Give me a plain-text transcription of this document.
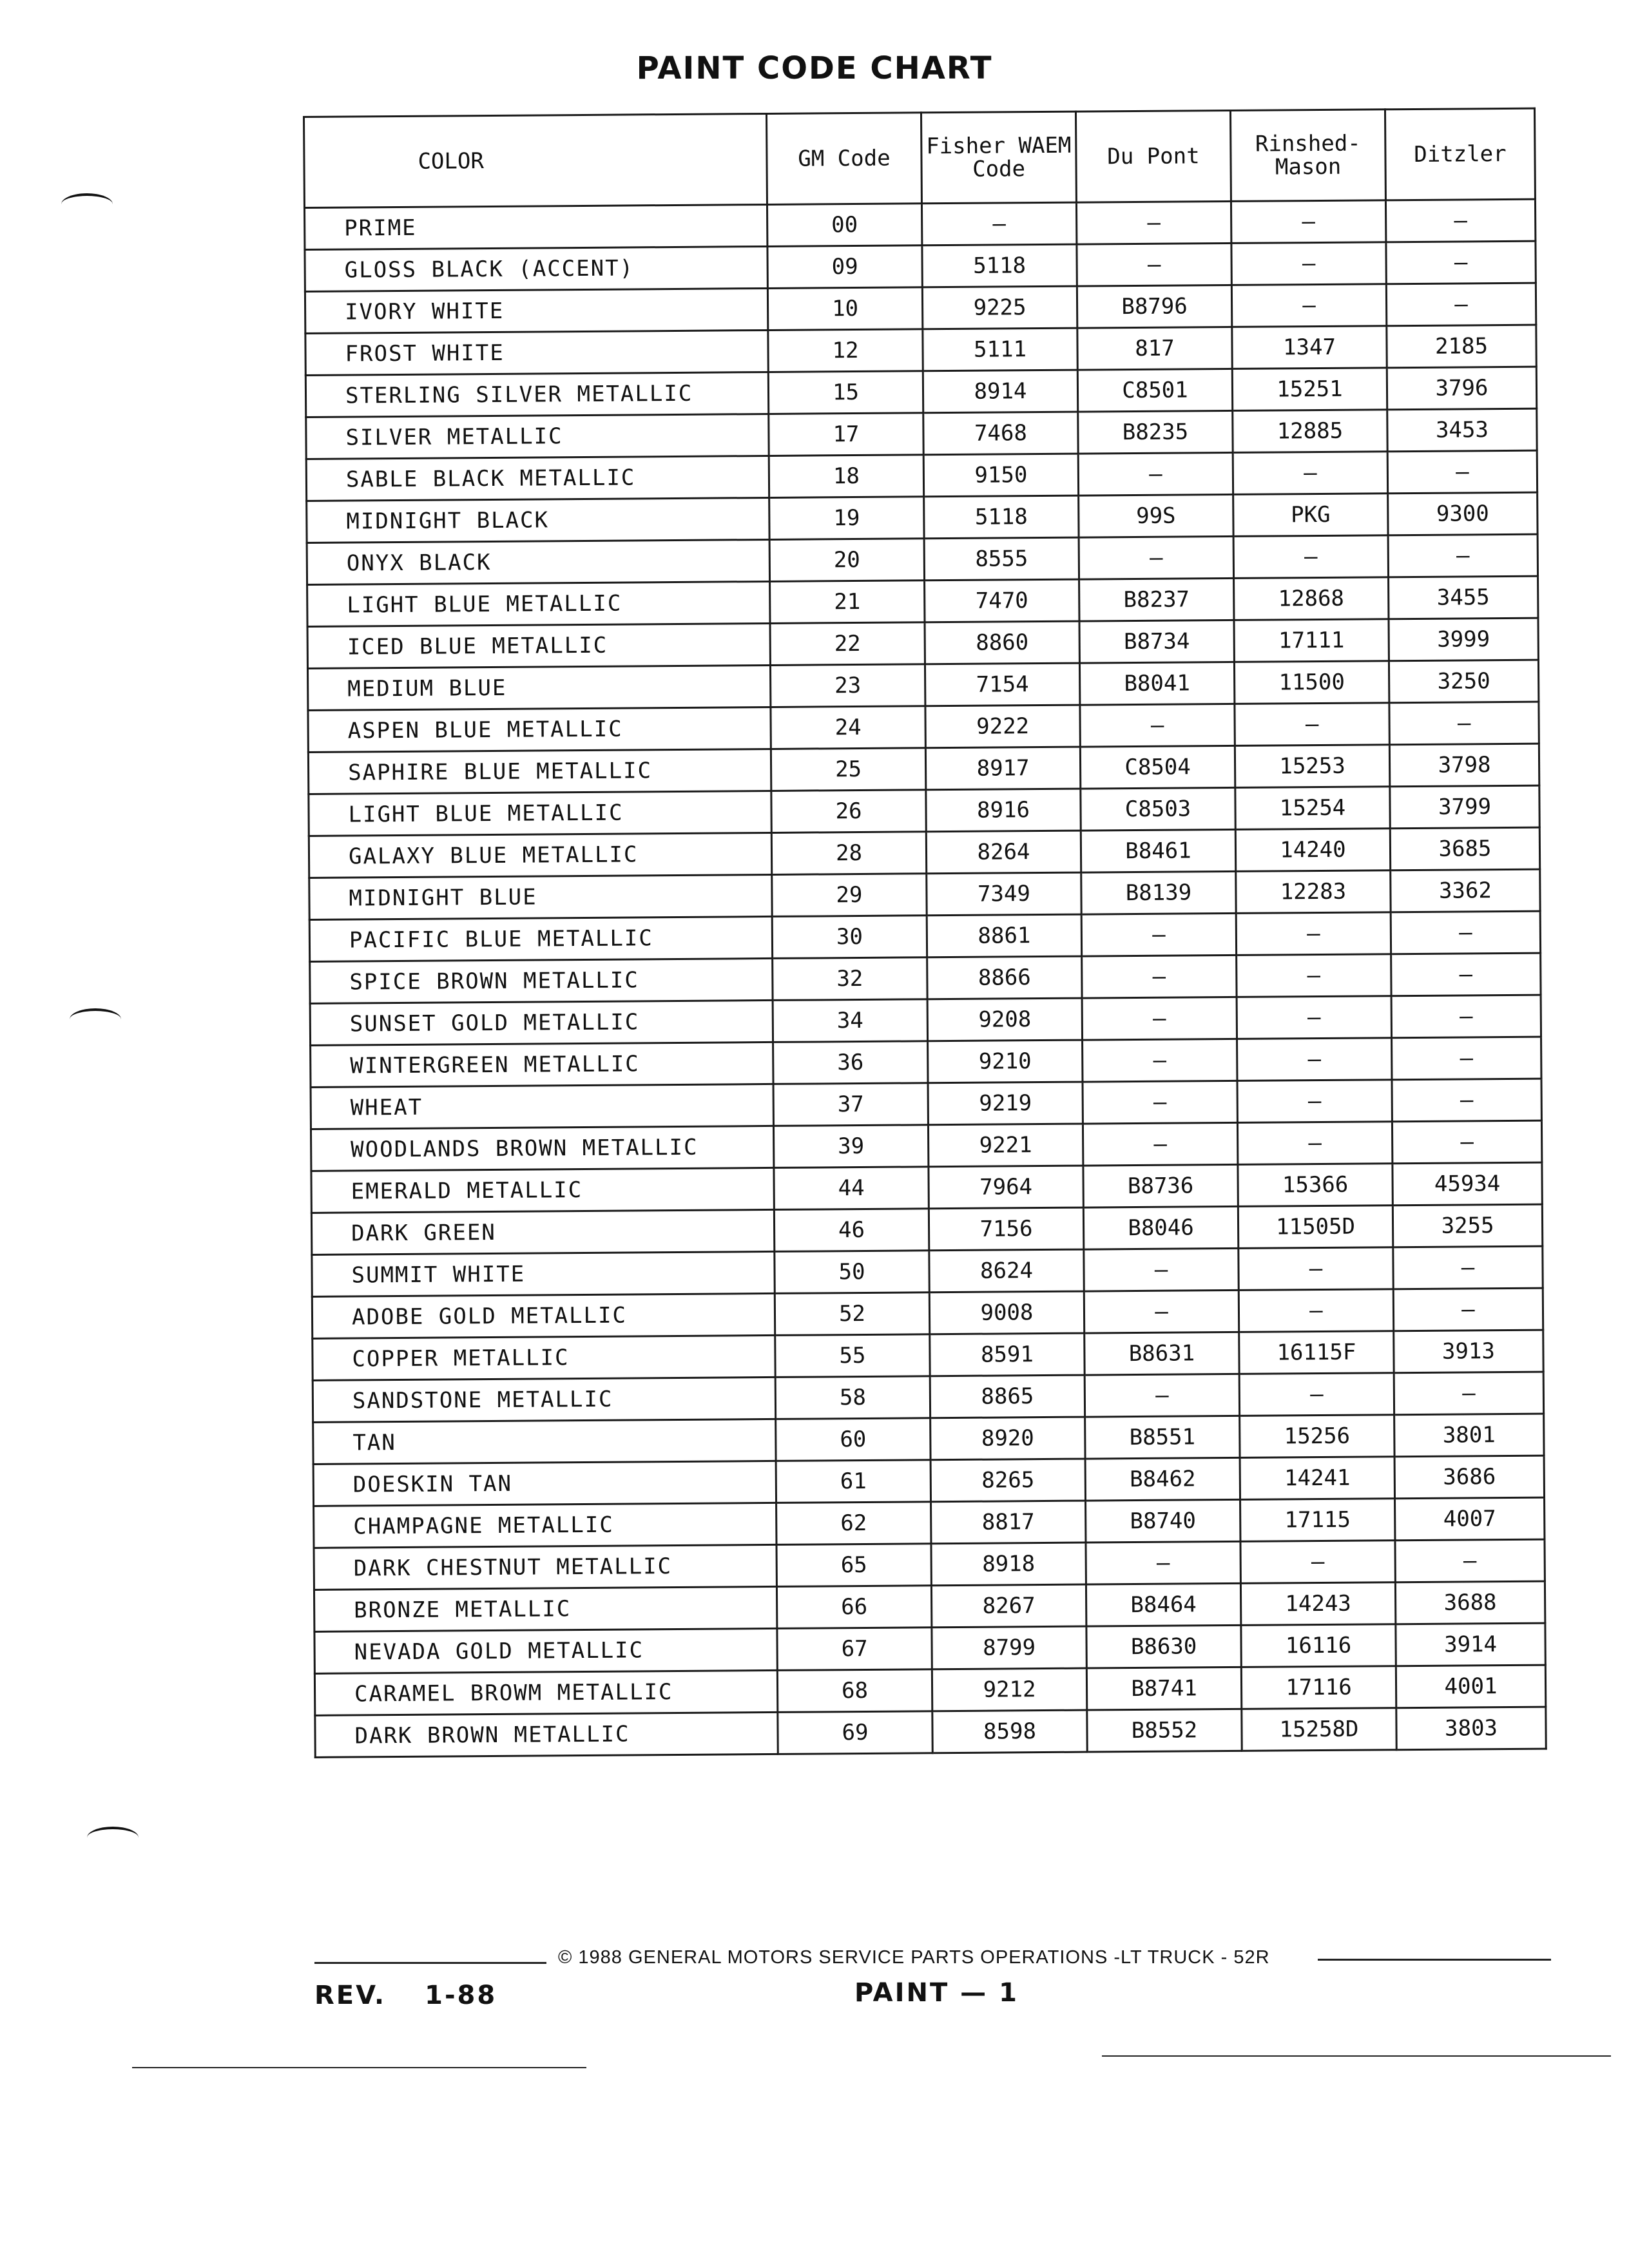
PAINT CODE CHART
COLOR	GM Code	Fisher WAEM Code	Du Pont	Rinshed- Mason	Ditzler
PRIME	00	–	–	–	–
GLOSS BLACK (ACCENT)	09	5118	–	–	–
IVORY WHITE	10	9225	B8796	–	–
FROST WHITE	12	5111	817	1347	2185
STERLING SILVER METALLIC	15	8914	C8501	15251	3796
SILVER METALLIC	17	7468	B8235	12885	3453
SABLE BLACK METALLIC	18	9150	–	–	–
MIDNIGHT BLACK	19	5118	99S	PKG	9300
ONYX BLACK	20	8555	–	–	–
LIGHT BLUE METALLIC	21	7470	B8237	12868	3455
ICED BLUE METALLIC	22	8860	B8734	17111	3999
MEDIUM BLUE	23	7154	B8041	11500	3250
ASPEN BLUE METALLIC	24	9222	–	–	–
SAPHIRE BLUE METALLIC	25	8917	C8504	15253	3798
LIGHT BLUE METALLIC	26	8916	C8503	15254	3799
GALAXY BLUE METALLIC	28	8264	B8461	14240	3685
MIDNIGHT BLUE	29	7349	B8139	12283	3362
PACIFIC BLUE METALLIC	30	8861	–	–	–
SPICE BROWN METALLIC	32	8866	–	–	–
SUNSET GOLD METALLIC	34	9208	–	–	–
WINTERGREEN METALLIC	36	9210	–	–	–
WHEAT	37	9219	–	–	–
WOODLANDS BROWN METALLIC	39	9221	–	–	–
EMERALD METALLIC	44	7964	B8736	15366	45934
DARK GREEN	46	7156	B8046	11505D	3255
SUMMIT WHITE	50	8624	–	–	–
ADOBE GOLD METALLIC	52	9008	–	–	–
COPPER METALLIC	55	8591	B8631	16115F	3913
SANDSTONE METALLIC	58	8865	–	–	–
TAN	60	8920	B8551	15256	3801
DOESKIN TAN	61	8265	B8462	14241	3686
CHAMPAGNE METALLIC	62	8817	B8740	17115	4007
DARK CHESTNUT METALLIC	65	8918	–	–	–
BRONZE METALLIC	66	8267	B8464	14243	3688
NEVADA GOLD METALLIC	67	8799	B8630	16116	3914
CARAMEL BROWM METALLIC	68	9212	B8741	17116	4001
DARK BROWN METALLIC	69	8598	B8552	15258D	3803
© 1988 GENERAL MOTORS SERVICE PARTS OPERATIONS -LT TRUCK - 52R
REV. 1-88	PAINT — 1
